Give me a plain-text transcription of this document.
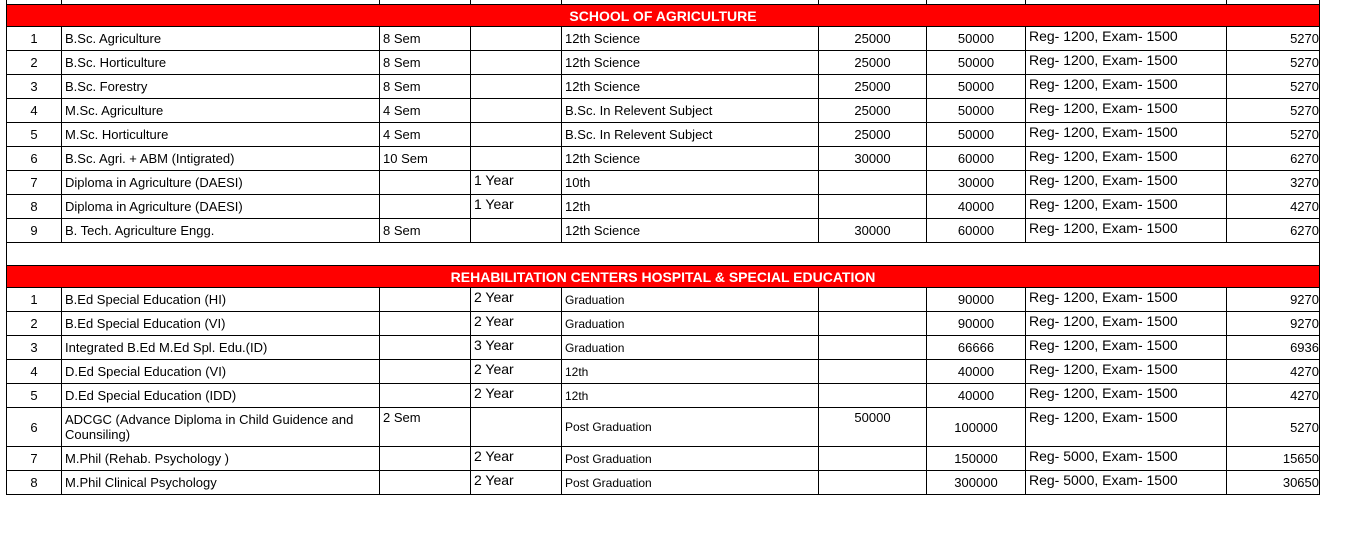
SCHOOL OF AGRICULTURE								
1	B.Sc. Agriculture	8 Sem		12th Science	25000	50000	Reg- 1200, Exam- 1500	5270
2	B.Sc. Horticulture	8 Sem		12th Science	25000	50000	Reg- 1200, Exam- 1500	5270
3	B.Sc. Forestry	8 Sem		12th Science	25000	50000	Reg- 1200, Exam- 1500	5270
4	M.Sc. Agriculture	4 Sem		B.Sc. In Relevent Subject	25000	50000	Reg- 1200, Exam- 1500	5270
5	M.Sc. Horticulture	4 Sem		B.Sc. In Relevent Subject	25000	50000	Reg- 1200, Exam- 1500	5270
6	B.Sc. Agri. + ABM (Intigrated)	10 Sem		12th Science	30000	60000	Reg- 1200, Exam- 1500	6270
7	Diploma in Agriculture (DAESI)		1 Year	10th		30000	Reg- 1200, Exam- 1500	3270
8	Diploma in Agriculture (DAESI)		1 Year	12th		40000	Reg- 1200, Exam- 1500	4270
9	B. Tech. Agriculture Engg.	8 Sem		12th Science	30000	60000	Reg- 1200, Exam- 1500	6270

REHABILITATION CENTERS HOSPITAL & SPECIAL EDUCATION								
1	B.Ed Special Education (HI)		2 Year	Graduation		90000	Reg- 1200, Exam- 1500	9270
2	B.Ed Special Education (VI)		2 Year	Graduation		90000	Reg- 1200, Exam- 1500	9270
3	Integrated B.Ed M.Ed Spl. Edu.(ID)		3 Year	Graduation		66666	Reg- 1200, Exam- 1500	6936
4	D.Ed Special Education (VI)		2 Year	12th		40000	Reg- 1200, Exam- 1500	4270
5	D.Ed Special Education (IDD)		2 Year	12th		40000	Reg- 1200, Exam- 1500	4270
6	ADCGC (Advance Diploma in Child Guidence and Counsiling)	2 Sem		Post Graduation	50000	100000	Reg- 1200, Exam- 1500	5270
7	M.Phil (Rehab. Psychology )		2 Year	Post Graduation		150000	Reg- 5000, Exam- 1500	15650
8	M.Phil Clinical Psychology		2 Year	Post Graduation		300000	Reg- 5000, Exam- 1500	30650
